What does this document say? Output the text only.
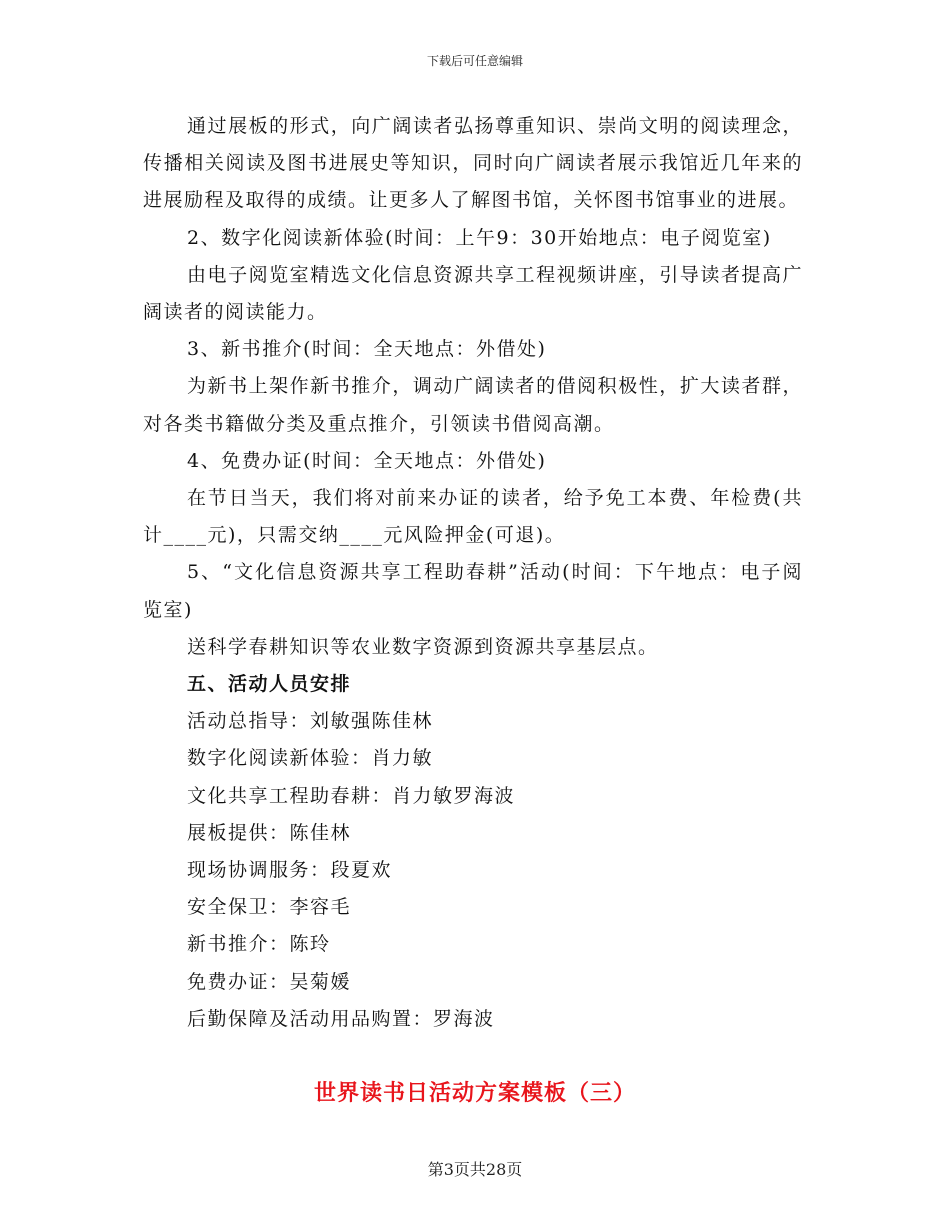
下载后可任意编辑

通过展板的形式，向广阔读者弘扬尊重知识、崇尚文明的阅读理念，传播相关阅读及图书进展史等知识，同时向广阔读者展示我馆近几年来的进展励程及取得的成绩。让更多人了解图书馆，关怀图书馆事业的进展。

2、数字化阅读新体验(时间：上午9：30开始地点：电子阅览室)

由电子阅览室精选文化信息资源共享工程视频讲座，引导读者提高广阔读者的阅读能力。

3、新书推介(时间：全天地点：外借处)

为新书上架作新书推介，调动广阔读者的借阅积极性，扩大读者群，对各类书籍做分类及重点推介，引领读书借阅高潮。

4、免费办证(时间：全天地点：外借处)

在节日当天，我们将对前来办证的读者，给予免工本费、年检费(共计____元)，只需交纳____元风险押金(可退)。

5、“文化信息资源共享工程助春耕”活动(时间：下午地点：电子阅览室)

送科学春耕知识等农业数字资源到资源共享基层点。

五、活动人员安排

活动总指导：刘敏强陈佳林

数字化阅读新体验：肖力敏

文化共享工程助春耕：肖力敏罗海波

展板提供：陈佳林

现场协调服务：段夏欢

安全保卫：李容毛

新书推介：陈玲

免费办证：吴菊媛

后勤保障及活动用品购置：罗海波

世界读书日活动方案模板（三）
第3页共28页
